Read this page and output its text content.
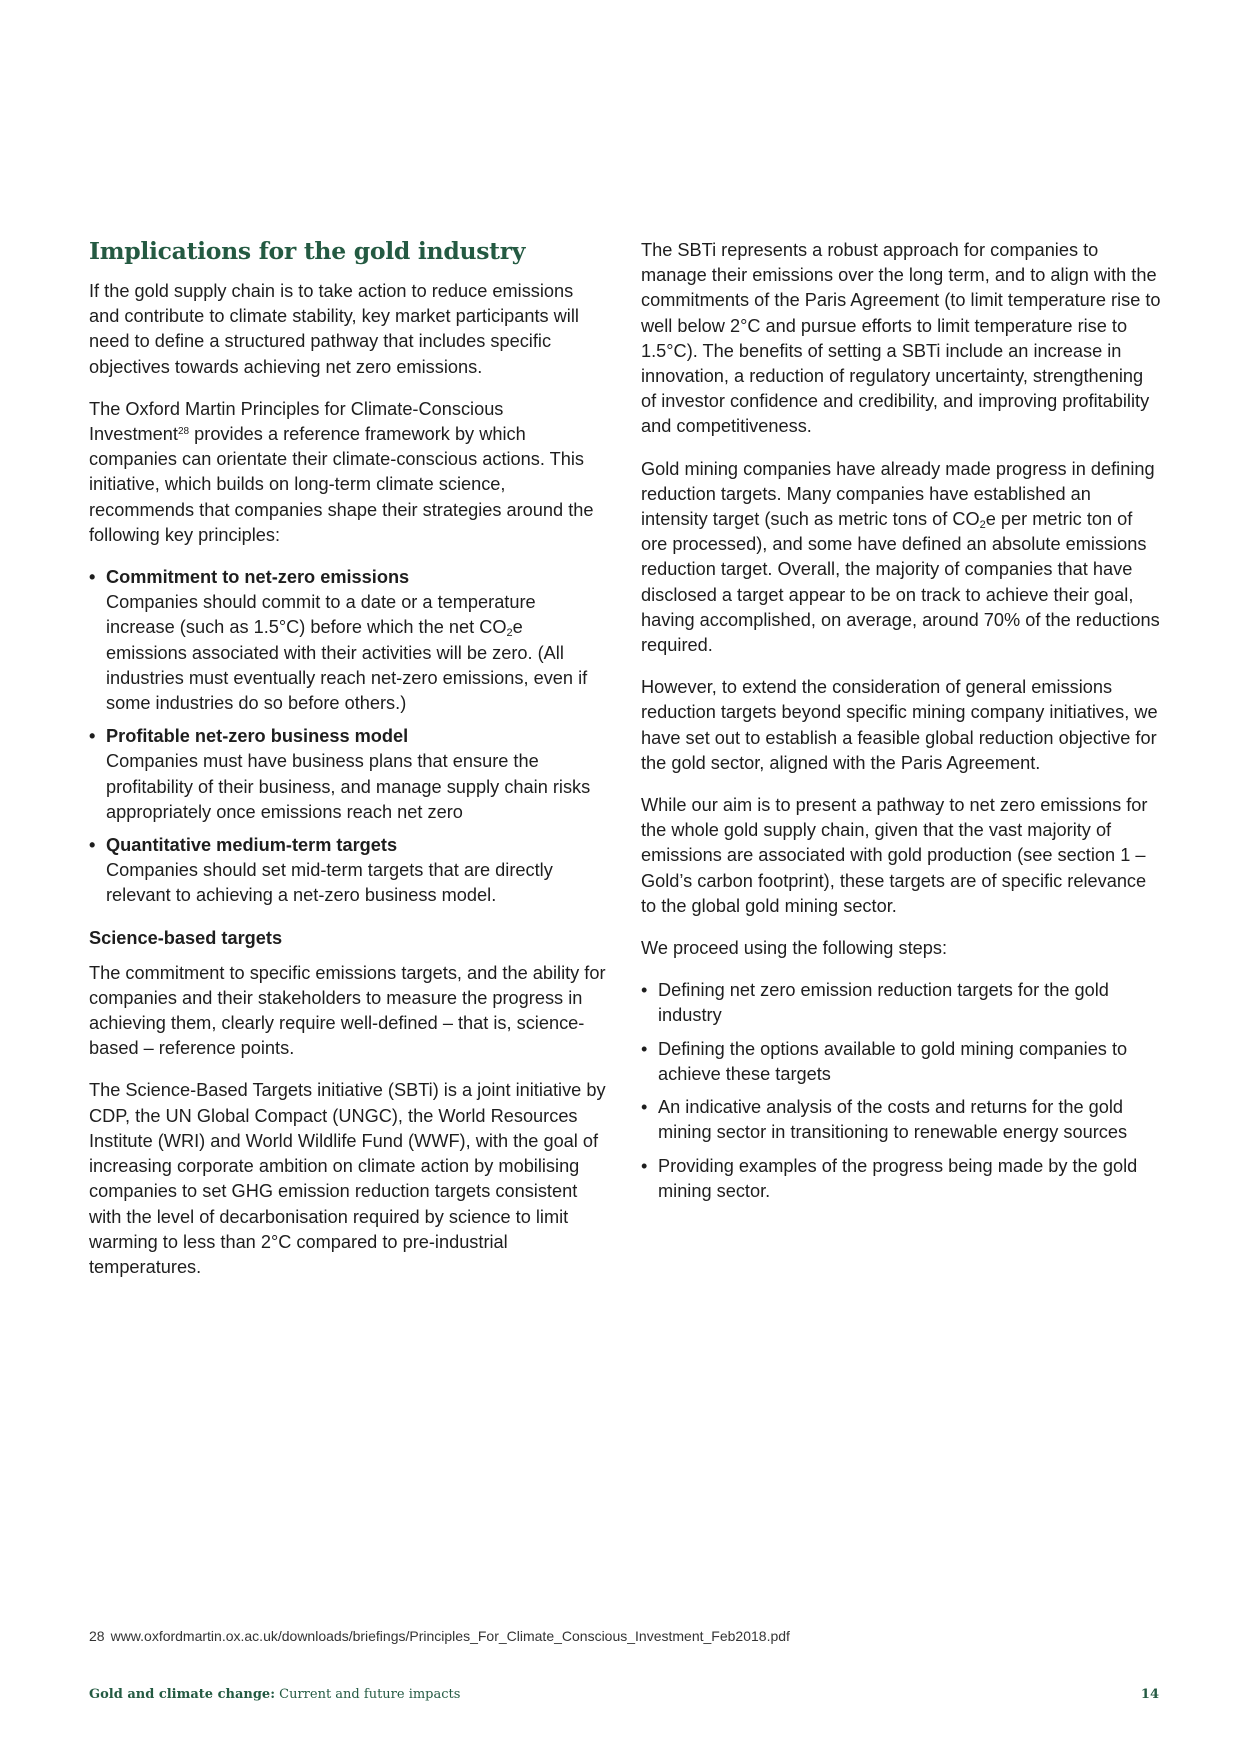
Implications for the gold industry

If the gold supply chain is to take action to reduce emissions and contribute to climate stability, key market participants will need to define a structured pathway that includes specific objectives towards achieving net zero emissions.

The Oxford Martin Principles for Climate-Conscious Investment$^{28}$ provides a reference framework by which companies can orientate their climate-conscious actions. This initiative, which builds on long-term climate science, recommends that companies shape their strategies around the following key principles:

• Commitment to net-zero emissions
Companies should commit to a date or a temperature increase (such as 1.5°C) before which the net $CO_2e$ emissions associated with their activities will be zero. (All industries must eventually reach net-zero emissions, even if some industries do so before others.)
• Profitable net-zero business model
Companies must have business plans that ensure the profitability of their business, and manage supply chain risks appropriately once emissions reach net zero
• Quantitative medium-term targets
Companies should set mid-term targets that are directly relevant to achieving a net-zero business model.
Science-based targets

The commitment to specific emissions targets, and the ability for companies and their stakeholders to measure the progress in achieving them, clearly require well-defined – that is, science-based – reference points.

The Science-Based Targets initiative (SBTi) is a joint initiative by CDP, the UN Global Compact (UNGC), the World Resources Institute (WRI) and World Wildlife Fund (WWF), with the goal of increasing corporate ambition on climate action by mobilising companies to set GHG emission reduction targets consistent with the level of decarbonisation required by science to limit warming to less than 2°C compared to pre-industrial temperatures.

The SBTi represents a robust approach for companies to manage their emissions over the long term, and to align with the commitments of the Paris Agreement (to limit temperature rise to well below 2°C and pursue efforts to limit temperature rise to 1.5°C). The benefits of setting a SBTi include an increase in innovation, a reduction of regulatory uncertainty, strengthening of investor confidence and credibility, and improving profitability and competitiveness.

Gold mining companies have already made progress in defining reduction targets. Many companies have established an intensity target (such as metric tons of $CO_2e$ per metric ton of ore processed), and some have defined an absolute emissions reduction target. Overall, the majority of companies that have disclosed a target appear to be on track to achieve their goal, having accomplished, on average, around 70% of the reductions required.

However, to extend the consideration of general emissions reduction targets beyond specific mining company initiatives, we have set out to establish a feasible global reduction objective for the gold sector, aligned with the Paris Agreement.

While our aim is to present a pathway to net zero emissions for the whole gold supply chain, given that the vast majority of emissions are associated with gold production (see section 1 – Gold’s carbon footprint), these targets are of specific relevance to the global gold mining sector.

We proceed using the following steps:

• Defining net zero emission reduction targets for the gold industry
• Defining the options available to gold mining companies to achieve these targets
• An indicative analysis of the costs and returns for the gold mining sector in transitioning to renewable energy sources
• Providing examples of the progress being made by the gold mining sector.
28 www.oxfordmartin.ox.ac.uk/downloads/briefings/Principles_For_Climate_Conscious_Investment_Feb2018.pdf
Gold and climate change: Current and future impacts	14
